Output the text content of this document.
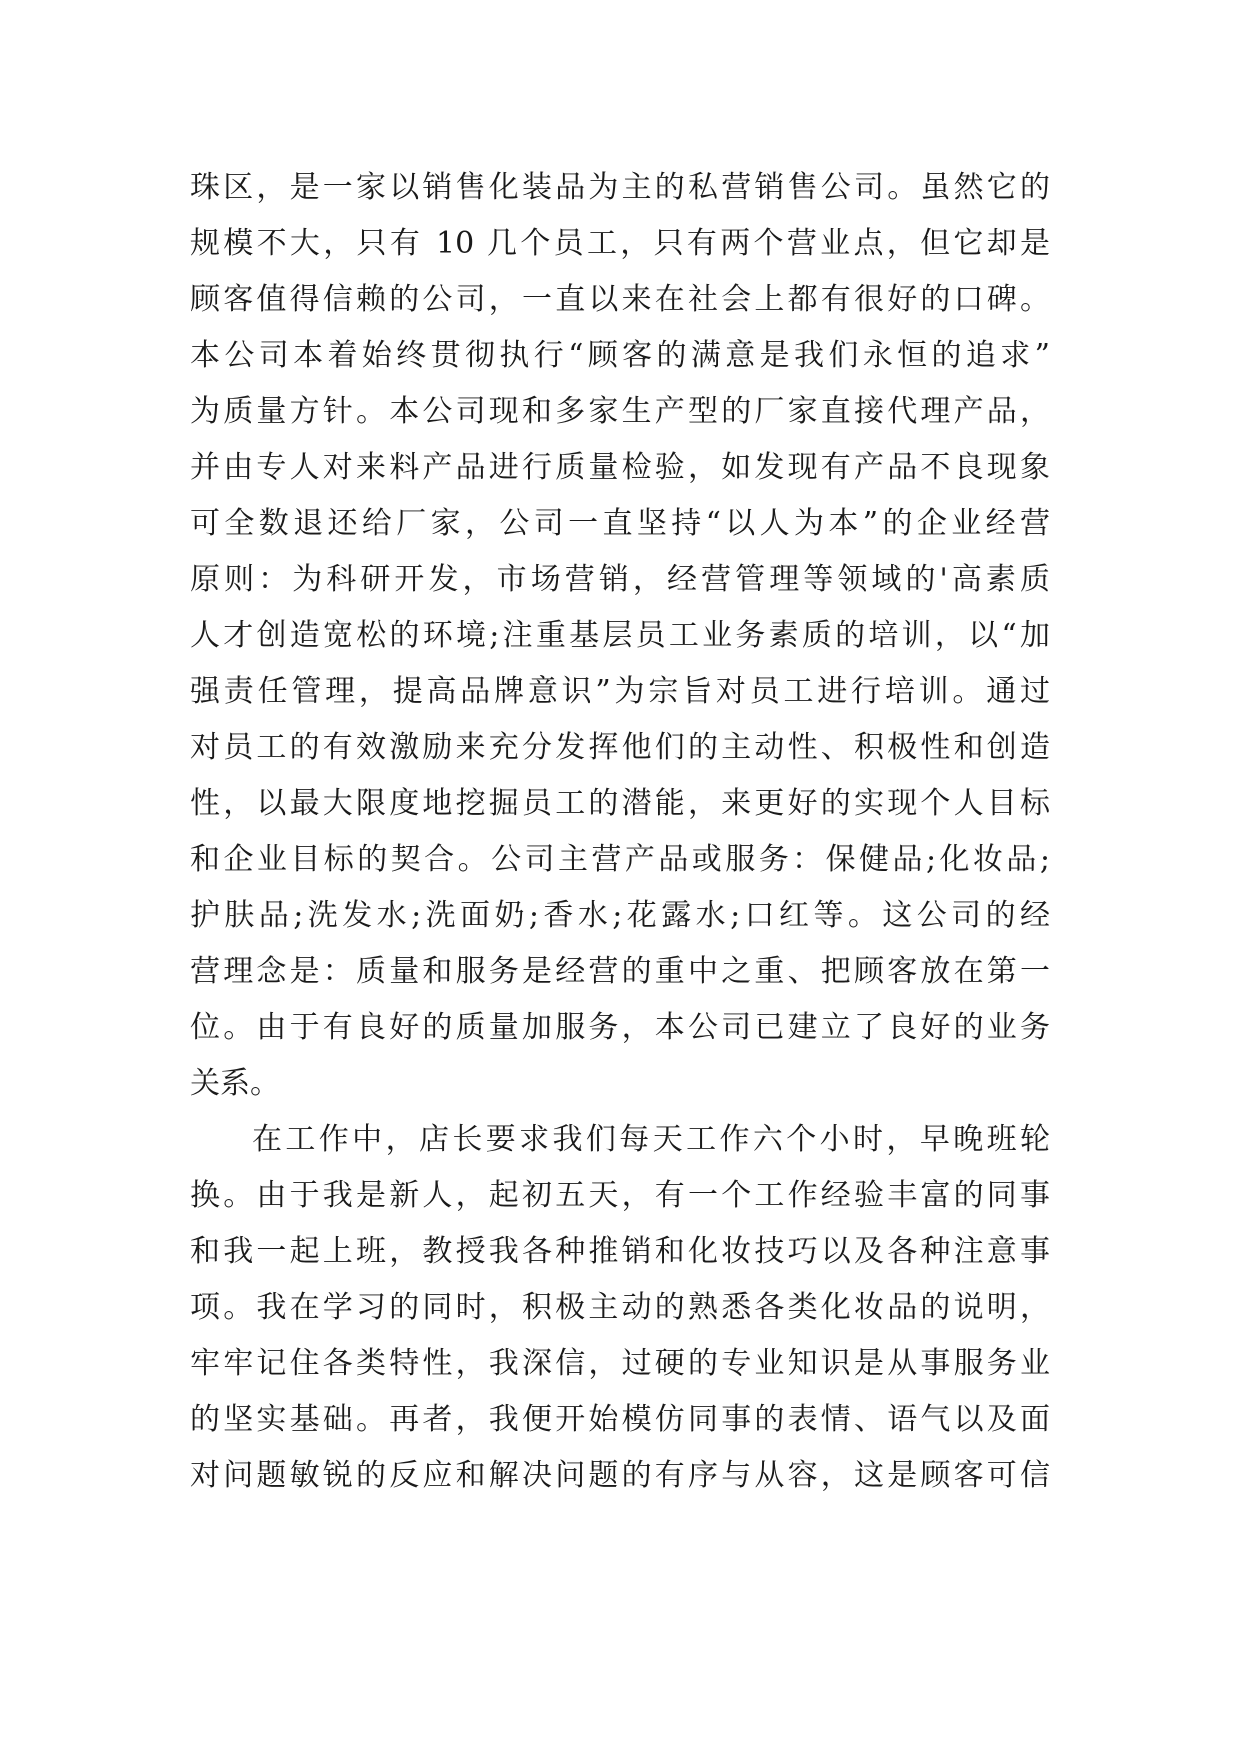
珠区，是一家以销售化装品为主的私营销售公司。虽然它的
规模不大，只有 10 几个员工，只有两个营业点，但它却是
顾客值得信赖的公司，一直以来在社会上都有很好的口碑。
本公司本着始终贯彻执行“顾客的满意是我们永恒的追求”
为质量方针。本公司现和多家生产型的厂家直接代理产品，
并由专人对来料产品进行质量检验，如发现有产品不良现象
可全数退还给厂家，公司一直坚持“以人为本”的企业经营
原则：为科研开发，市场营销，经营管理等领域的'高素质
人才创造宽松的环境;注重基层员工业务素质的培训，以“加
强责任管理，提高品牌意识”为宗旨对员工进行培训。通过
对员工的有效激励来充分发挥他们的主动性、积极性和创造
性，以最大限度地挖掘员工的潜能，来更好的实现个人目标
和企业目标的契合。公司主营产品或服务：保健品;化妆品;
护肤品;洗发水;洗面奶;香水;花露水;口红等。这公司的经
营理念是：质量和服务是经营的重中之重、把顾客放在第一
位。由于有良好的质量加服务，本公司已建立了良好的业务
关系。
在工作中，店长要求我们每天工作六个小时，早晚班轮
换。由于我是新人，起初五天，有一个工作经验丰富的同事
和我一起上班，教授我各种推销和化妆技巧以及各种注意事
项。我在学习的同时，积极主动的熟悉各类化妆品的说明，
牢牢记住各类特性，我深信，过硬的专业知识是从事服务业
的坚实基础。再者，我便开始模仿同事的表情、语气以及面
对问题敏锐的反应和解决问题的有序与从容，这是顾客可信
